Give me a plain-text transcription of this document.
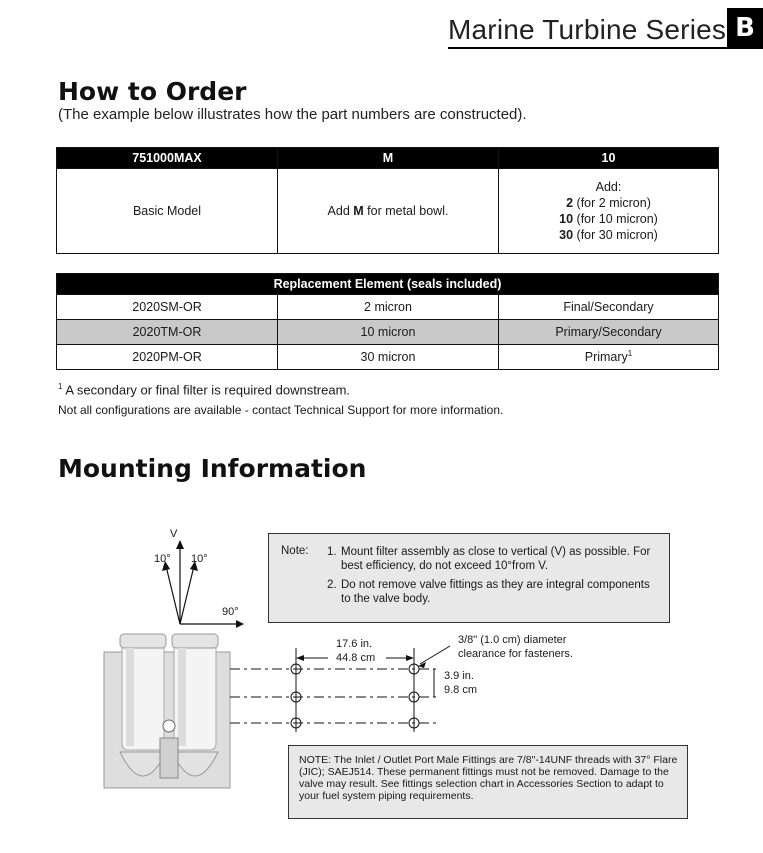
Marine Turbine Series B
How to Order
(The example below illustrates how the part numbers are constructed).
751000MAX	M	10
Basic Model	Add M for metal bowl.	Add:
2 (for 2 micron)
10 (for 10 micron)
30 (for 30 micron)
Replacement Element (seals included)		
2020SM-OR	2 micron	Final/Secondary
2020TM-OR	10 micron	Primary/Secondary
2020PM-OR	30 micron	Primary$^1$
$^1$ A secondary or final filter is required downstream.
Not all configurations are available - contact Technical Support for more information.
Mounting Information
V
10° 10°
90°
Note: 1. Mount filter assembly as close to vertical (V) as possible. For best efficiency, do not exceed 10°from V.
2. Do not remove valve fittings as they are integral components to the valve body.
17.6 in.
44.8 cm
3/8" (1.0 cm) diameter
clearance for fasteners.
3.9 in.
9.8 cm
NOTE: The Inlet / Outlet Port Male Fittings are 7/8"-14UNF threads with 37° Flare (JIC); SAEJ514. These permanent fittings must not be removed. Damage to the valve may result. See fittings selection chart in Accessories Section to adapt to your fuel system piping requirements.
